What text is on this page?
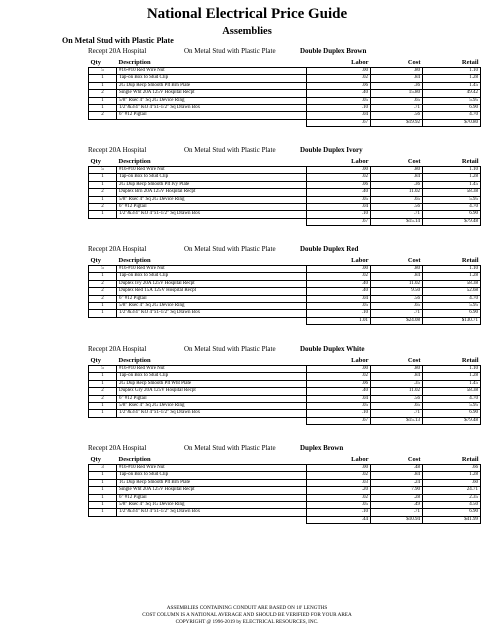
National Electrical Price Guide
Assemblies
On Metal Stud with Plastic Plate
Recept 20A Hospital	On Metal Stud with Plastic Plate	Double Duplex Brown
Qty	Description	Labor	Cost	Retail
5	#16-#10 Red Wire Nut	.00	.80	1.10
1	Tap-on Box to Stud Clip	.02	.84	1.28
1	2G Dup Recp Smooth Plt Brn Plate	.06	.36	1.45
2	Single Wht 20A 125V Hospital Recpt	.40	15.80	49.42
1	5/8" Rsec 4" Sq 2G Device Ring	.05	.65	5.95
1	1/2"&3/4" KO 4"x1-1/2" Sq Drawn Box	.10	.71	6.90
2	6" #12 Pigtail	.04	.56	4.70
		.67	$19.92	$70.80
Recept 20A Hospital	On Metal Stud with Plastic Plate	Double Duplex Ivory
Qty	Description	Labor	Cost	Retail
5	#16-#10 Red Wire Nut	.00	.80	1.10
1	Tap-on Box to Stud Clip	.02	.84	1.28
1	2G Dup Recp Smooth Plt Ivy Plate	.06	.36	1.45
2	Duplex Brn 20A 125V Hospital Recpt	.40	11.02	58.38
1	5/8" Rsec 4" Sq 2G Device Ring	.05	.65	5.95
2	6" #12 Pigtail	.04	.56	4.70
1	1/2"&3/4" KO 4"x1-1/2" Sq Drawn Box	.10	.71	6.90
		.67	$15.14	$79.48
Recept 20A Hospital	On Metal Stud with Plastic Plate	Double Duplex Red
Qty	Description	Labor	Cost	Retail
5	#16-#10 Red Wire Nut	.00	.80	1.10
1	Tap-on Box to Stud Clip	.02	.84	1.28
2	Duplex Ivy 20A 125V Hospital Recpt	.40	11.02	58.38
2	Duplex Red 15A 125V Hospital Recpt	.40	9.50	52.68
2	6" #12 Pigtail	.04	.56	4.70
1	5/8" Rsec 4" Sq 2G Device Ring	.05	.65	5.95
1	1/2"&3/4" KO 4"x1-1/2" Sq Drawn Box	.10	.71	6.90
		1.01	$24.08	$130.71
Recept 20A Hospital	On Metal Stud with Plastic Plate	Double Duplex White
Qty	Description	Labor	Cost	Retail
5	#16-#10 Red Wire Nut	.00	.80	1.10
1	Tap-on Box to Stud Clip	.02	.84	1.28
1	2G Dup Recp Smooth Plt Wht Plate	.06	.35	1.45
2	Duplex Gry 20A 125V Hospital Recpt	.40	11.02	58.38
2	6" #12 Pigtail	.04	.56	4.70
1	5/8" Rsec 4" Sq 2G Device Ring	.05	.65	5.95
1	1/2"&3/4" KO 4"x1-1/2" Sq Drawn Box	.10	.71	6.90
		.67	$15.13	$79.48
Recept 20A Hospital	On Metal Stud with Plastic Plate	Duplex Brown
Qty	Description	Labor	Cost	Retail
3	#16-#10 Red Wire Nut	.00	.48	.66
1	Tap-on Box to Stud Clip	.02	.84	1.28
1	1G Dup Recp Smooth Plt Brn Plate	.03	.24	.60
1	Single Wht 20A 125V Hospital Recpt	.20	7.90	24.71
1	6" #12 Pigtail	.02	.28	2.35
1	5/8" Rsec 4" Sq 1G Device Ring	.05	.49	4.50
1	1/2"&3/4" KO 4"x1-1/2" Sq Drawn Box	.10	.71	6.90
		.44	$10.94	$41.99
ASSEMBLIES CONTAINING CONDUIT ARE BASED ON 10' LENGTHS
COST COLUMN IS A NATIONAL AVERAGE AND SHOULD BE VERIFIED FOR YOUR AREA
COPYRIGHT @ 1996-2019 by ELECTRICAL RESOURCES, INC.
